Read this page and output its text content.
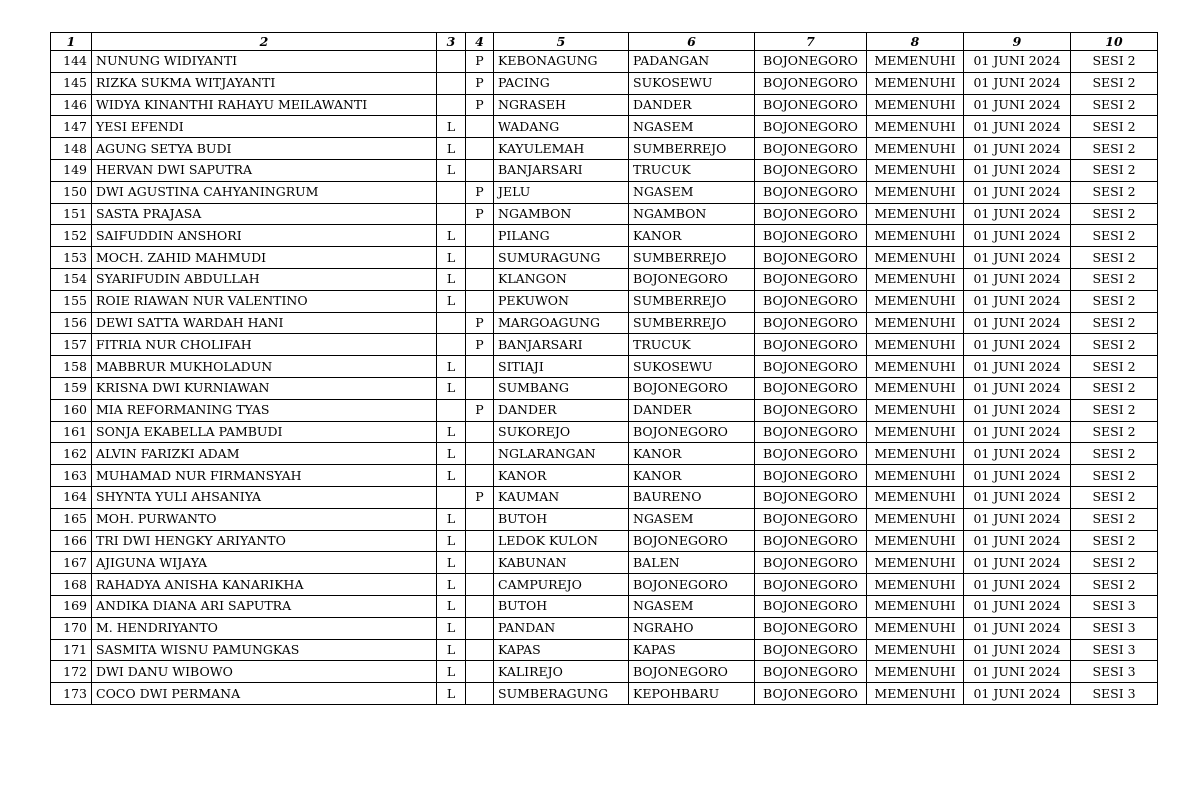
1	2	3	4	5	6	7	8	9	10
144	NUNUNG WIDIYANTI		P	KEBONAGUNG	PADANGAN	BOJONEGORO	MEMENUHI	01 JUNI 2024	SESI 2
145	RIZKA SUKMA WITJAYANTI		P	PACING	SUKOSEWU	BOJONEGORO	MEMENUHI	01 JUNI 2024	SESI 2
146	WIDYA KINANTHI RAHAYU MEILAWANTI		P	NGRASEH	DANDER	BOJONEGORO	MEMENUHI	01 JUNI 2024	SESI 2
147	YESI EFENDI	L		WADANG	NGASEM	BOJONEGORO	MEMENUHI	01 JUNI 2024	SESI 2
148	AGUNG SETYA BUDI	L		KAYULEMAH	SUMBERREJO	BOJONEGORO	MEMENUHI	01 JUNI 2024	SESI 2
149	HERVAN DWI SAPUTRA	L		BANJARSARI	TRUCUK	BOJONEGORO	MEMENUHI	01 JUNI 2024	SESI 2
150	DWI AGUSTINA CAHYANINGRUM		P	JELU	NGASEM	BOJONEGORO	MEMENUHI	01 JUNI 2024	SESI 2
151	SASTA PRAJASA		P	NGAMBON	NGAMBON	BOJONEGORO	MEMENUHI	01 JUNI 2024	SESI 2
152	SAIFUDDIN ANSHORI	L		PILANG	KANOR	BOJONEGORO	MEMENUHI	01 JUNI 2024	SESI 2
153	MOCH. ZAHID MAHMUDI	L		SUMURAGUNG	SUMBERREJO	BOJONEGORO	MEMENUHI	01 JUNI 2024	SESI 2
154	SYARIFUDIN ABDULLAH	L		KLANGON	BOJONEGORO	BOJONEGORO	MEMENUHI	01 JUNI 2024	SESI 2
155	ROIE RIAWAN NUR VALENTINO	L		PEKUWON	SUMBERREJO	BOJONEGORO	MEMENUHI	01 JUNI 2024	SESI 2
156	DEWI SATTA WARDAH HANI		P	MARGOAGUNG	SUMBERREJO	BOJONEGORO	MEMENUHI	01 JUNI 2024	SESI 2
157	FITRIA NUR CHOLIFAH		P	BANJARSARI	TRUCUK	BOJONEGORO	MEMENUHI	01 JUNI 2024	SESI 2
158	MABBRUR MUKHOLADUN	L		SITIAJI	SUKOSEWU	BOJONEGORO	MEMENUHI	01 JUNI 2024	SESI 2
159	KRISNA DWI KURNIAWAN	L		SUMBANG	BOJONEGORO	BOJONEGORO	MEMENUHI	01 JUNI 2024	SESI 2
160	MIA REFORMANING TYAS		P	DANDER	DANDER	BOJONEGORO	MEMENUHI	01 JUNI 2024	SESI 2
161	SONJA EKABELLA PAMBUDI	L		SUKOREJO	BOJONEGORO	BOJONEGORO	MEMENUHI	01 JUNI 2024	SESI 2
162	ALVIN FARIZKI ADAM	L		NGLARANGAN	KANOR	BOJONEGORO	MEMENUHI	01 JUNI 2024	SESI 2
163	MUHAMAD NUR FIRMANSYAH	L		KANOR	KANOR	BOJONEGORO	MEMENUHI	01 JUNI 2024	SESI 2
164	SHYNTA YULI AHSANIYA		P	KAUMAN	BAURENO	BOJONEGORO	MEMENUHI	01 JUNI 2024	SESI 2
165	MOH. PURWANTO	L		BUTOH	NGASEM	BOJONEGORO	MEMENUHI	01 JUNI 2024	SESI 2
166	TRI DWI HENGKY ARIYANTO	L		LEDOK KULON	BOJONEGORO	BOJONEGORO	MEMENUHI	01 JUNI 2024	SESI 2
167	AJIGUNA WIJAYA	L		KABUNAN	BALEN	BOJONEGORO	MEMENUHI	01 JUNI 2024	SESI 2
168	RAHADYA ANISHA KANARIKHA	L		CAMPUREJO	BOJONEGORO	BOJONEGORO	MEMENUHI	01 JUNI 2024	SESI 2
169	ANDIKA DIANA ARI SAPUTRA	L		BUTOH	NGASEM	BOJONEGORO	MEMENUHI	01 JUNI 2024	SESI 3
170	M. HENDRIYANTO	L		PANDAN	NGRAHO	BOJONEGORO	MEMENUHI	01 JUNI 2024	SESI 3
171	SASMITA WISNU PAMUNGKAS	L		KAPAS	KAPAS	BOJONEGORO	MEMENUHI	01 JUNI 2024	SESI 3
172	DWI DANU WIBOWO	L		KALIREJO	BOJONEGORO	BOJONEGORO	MEMENUHI	01 JUNI 2024	SESI 3
173	COCO DWI PERMANA	L		SUMBERAGUNG	KEPOHBARU	BOJONEGORO	MEMENUHI	01 JUNI 2024	SESI 3
